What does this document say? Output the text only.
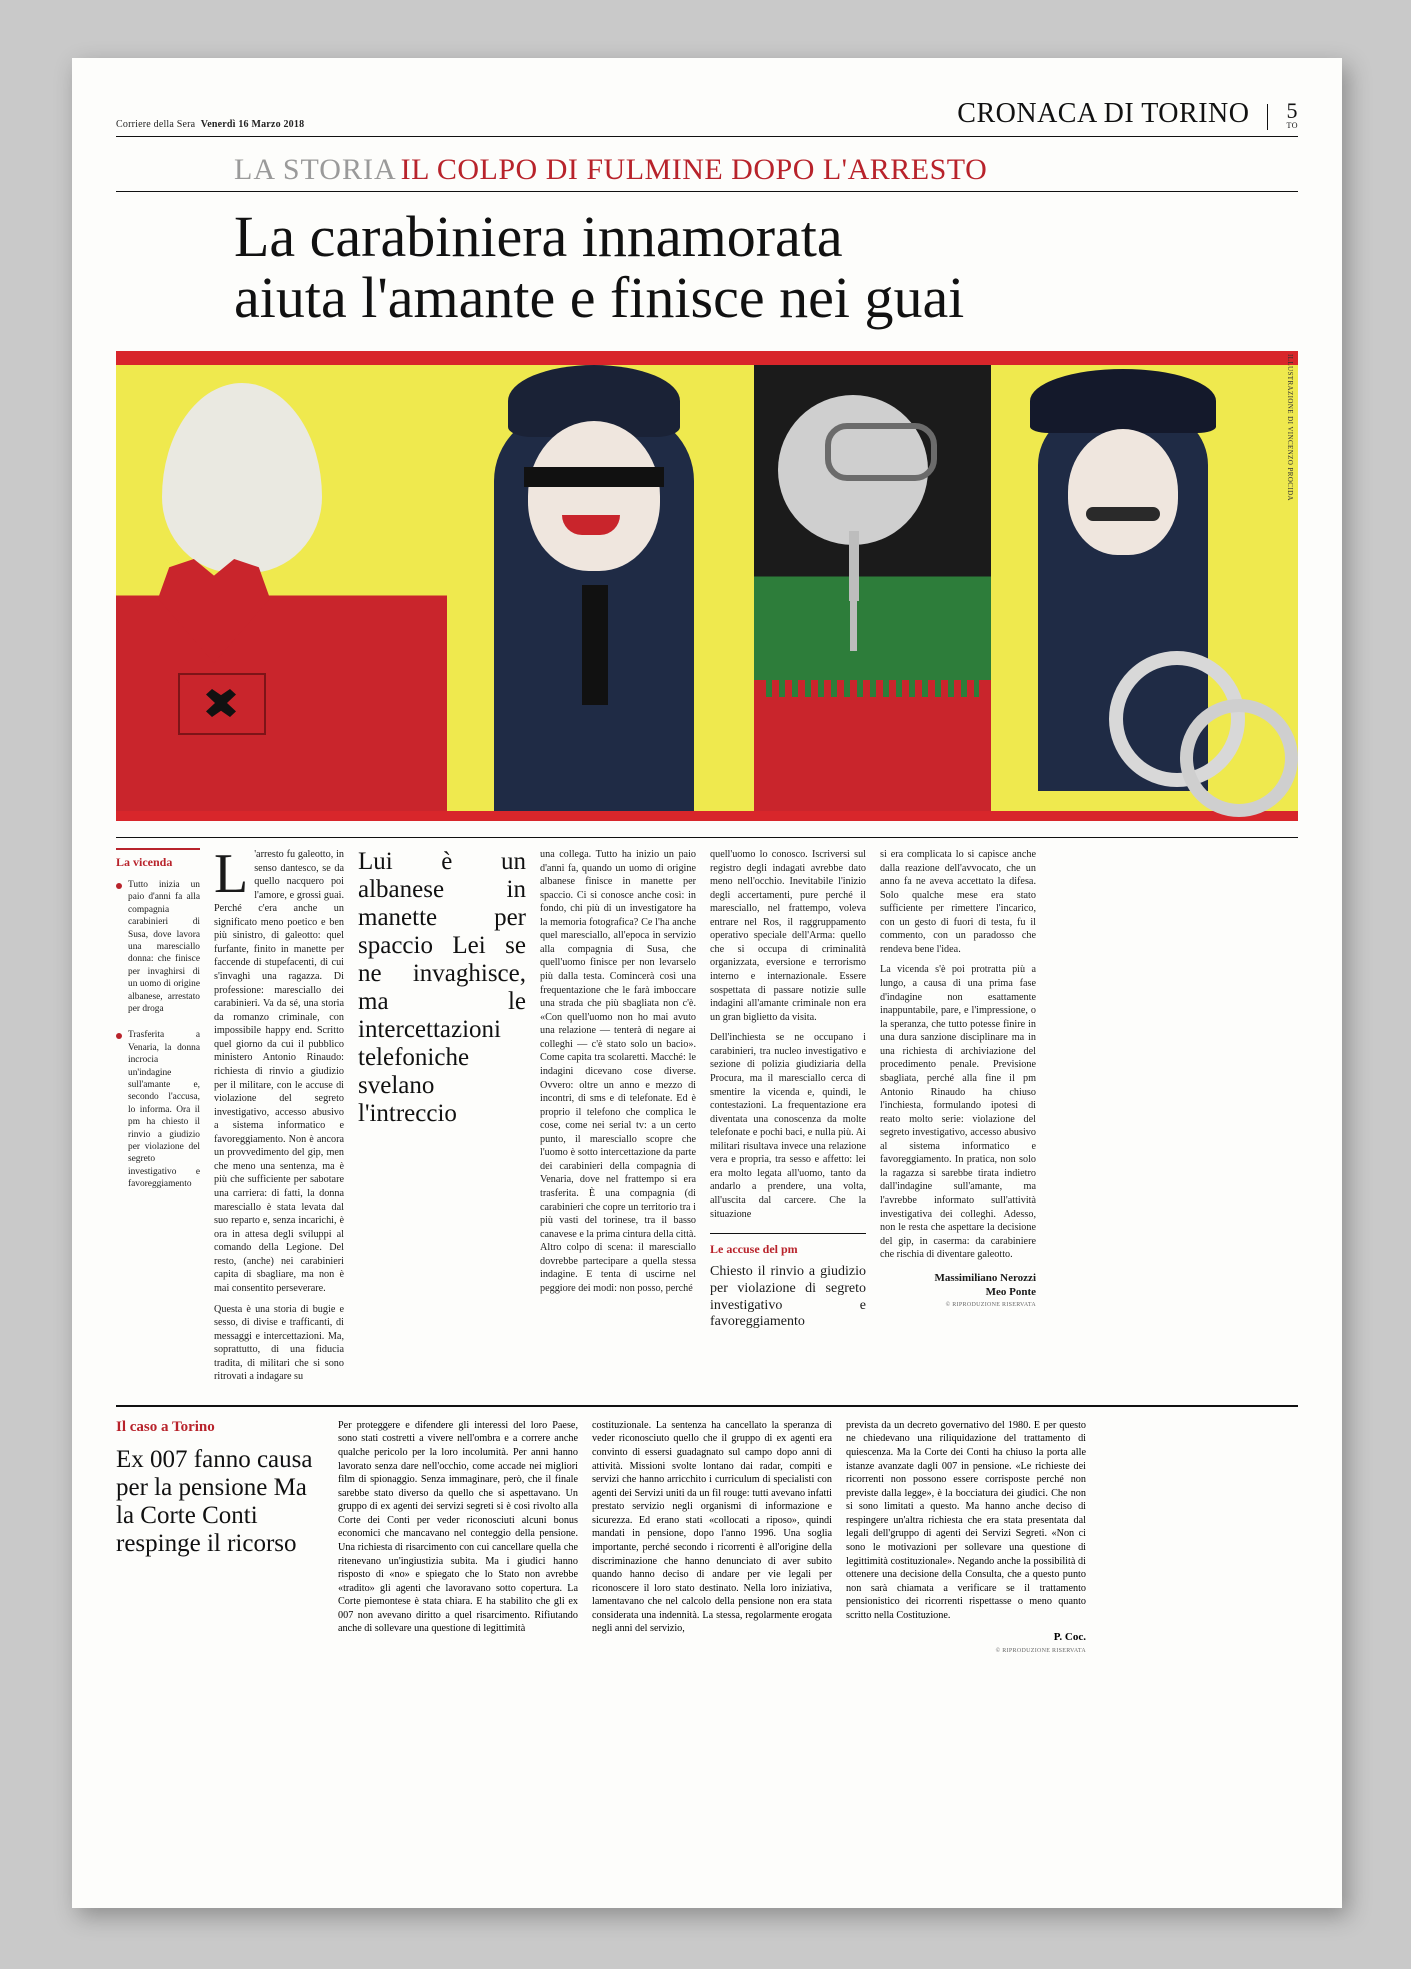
Corriere della Sera Venerdì 16 Marzo 2018	CRONACA DI TORINO 5
TO
LA STORIA IL COLPO DI FULMINE DOPO L'ARRESTO
La carabiniera innamorata
aiuta l'amante e finisce nei guai
ILLUSTRAZIONE DI VINCENZO PROCIDA
La vicenda
Tutto inizia un paio d'anni fa alla compagnia carabinieri di Susa, dove lavora una maresciallo donna: che finisce per invaghirsi di un uomo di origine albanese, arrestato per droga
Trasferita a Venaria, la donna incrocia un'indagine sull'amante e, secondo l'accusa, lo informa. Ora il pm ha chiesto il rinvio a giudizio per violazione del segreto investigativo e favoreggiamento

L 'arresto fu galeotto, in senso dantesco, se da quello nacquero poi l'amore, e grossi guai. Perché c'era anche un significato meno poetico e ben più sinistro, di galeotto: quel furfante, finito in manette per faccende di stupefacenti, di cui s'invaghì una ragazza. Di professione: maresciallo dei carabinieri. Va da sé, una storia da romanzo criminale, con impossibile happy end. Scritto quel giorno da cui il pubblico ministero Antonio Rinaudo: richiesta di rinvio a giudizio per il militare, con le accuse di violazione del segreto investigativo, accesso abusivo a sistema informatico e favoreggiamento. Non è ancora un provvedimento del gip, men che meno una sentenza, ma è più che sufficiente per sabotare una carriera: di fatti, la donna maresciallo è stata levata dal suo reparto e, senza incarichi, è ora in attesa degli sviluppi al comando della Legione. Del resto, (anche) nei carabinieri capita di sbagliare, ma non è mai consentito perseverare.

Questa è una storia di bugie e sesso, di divise e trafficanti, di messaggi e intercettazioni. Ma, soprattutto, di una fiducia tradita, di militari che si sono ritrovati a indagare su

Lui è un albanese in manette per spaccio Lei se ne invaghisce, ma le intercettazioni telefoniche svelano l'intreccio

una collega. Tutto ha inizio un paio d'anni fa, quando un uomo di origine albanese finisce in manette per spaccio. Ci si conosce anche così: in fondo, chi più di un investigatore ha la memoria fotografica? Ce l'ha anche quel maresciallo, all'epoca in servizio alla compagnia di Susa, che quell'uomo finisce per non levarselo più dalla testa. Comincerà così una frequentazione che le farà imboccare una strada che più sbagliata non c'è. «Con quell'uomo non ho mai avuto una relazione — tenterà di negare ai colleghi — c'è stato solo un bacio». Come capita tra scolaretti. Macché: le indagini dicevano cose diverse. Ovvero: oltre un anno e mezzo di incontri, di sms e di telefonate. Ed è proprio il telefono che complica le cose, come nei serial tv: a un certo punto, il maresciallo scopre che l'uomo è sotto intercettazione da parte dei carabinieri della compagnia di Venaria, dove nel frattempo si era trasferita. È una compagnia (di carabinieri che copre un territorio tra i più vasti del torinese, tra il basso canavese e la prima cintura della città. Altro colpo di scena: il maresciallo dovrebbe partecipare a quella stessa indagine. E tenta di uscirne nel peggiore dei modi: non posso, perché

quell'uomo lo conosco. Iscriversi sul registro degli indagati avrebbe dato meno nell'occhio. Inevitabile l'inizio degli accertamenti, pure perché il maresciallo, nel frattempo, voleva entrare nel Ros, il raggruppamento operativo speciale dell'Arma: quello che si occupa di criminalità organizzata, eversione e terrorismo interno e internazionale. Essere sospettata di passare notizie sulle indagini all'amante criminale non era un gran biglietto da visita.

Dell'inchiesta se ne occupano i carabinieri, tra nucleo investigativo e sezione di polizia giudiziaria della Procura, ma il maresciallo cerca di smentire la vicenda e, quindi, le contestazioni. La frequentazione era diventata una conoscenza da molte telefonate e pochi baci, e nulla più. Ai militari risultava invece una relazione vera e propria, tra sesso e affetto: lei era molto legata all'uomo, tanto da andarlo a prendere, una volta, all'uscita dal carcere. Che la situazione

Le accuse del pm
Chiesto il rinvio a giudizio per violazione di segreto investigativo e favoreggiamento

si era complicata lo si capisce anche dalla reazione dell'avvocato, che un anno fa ne aveva accettato la difesa. Solo qualche mese era stato sufficiente per rimettere l'incarico, con un gesto di fuori di testa, fu il commento, con un paradosso che rendeva bene l'idea.

La vicenda s'è poi protratta più a lungo, a causa di una prima fase d'indagine non esattamente inappuntabile, pare, e l'impressione, o la speranza, che tutto potesse finire in una dura sanzione disciplinare ma in una richiesta di archiviazione del procedimento penale. Previsione sbagliata, perché alla fine il pm Antonio Rinaudo ha chiuso l'inchiesta, formulando ipotesi di reato molto serie: violazione del segreto investigativo, accesso abusivo al sistema informatico e favoreggiamento. In pratica, non solo la ragazza si sarebbe tirata indietro dall'indagine sull'amante, ma l'avrebbe informato sull'attività investigativa dei colleghi. Adesso, non le resta che aspettare la decisione del gip, in caserma: da carabiniere che rischia di diventare galeotto.

Massimiliano Nerozzi
Meo Ponte
© RIPRODUZIONE RISERVATA
Il caso a Torino
Ex 007 fanno causa per la pensione Ma la Corte Conti respinge il ricorso

Per proteggere e difendere gli interessi del loro Paese, sono stati costretti a vivere nell'ombra e a correre anche qualche pericolo per la loro incolumità. Per anni hanno lavorato senza dare nell'occhio, come accade nei migliori film di spionaggio. Senza immaginare, però, che il finale sarebbe stato diverso da quello che si aspettavano. Un gruppo di ex agenti dei servizi segreti si è così rivolto alla Corte dei Conti per veder riconosciuti alcuni bonus economici che mancavano nel conteggio della pensione. Una richiesta di risarcimento con cui cancellare quella che ritenevano un'ingiustizia subita. Ma i giudici hanno risposto di «no» e spiegato che lo Stato non avrebbe «tradito» gli agenti che lavoravano sotto copertura. La Corte piemontese è stata chiara. E ha stabilito che gli ex 007 non avevano diritto a quel risarcimento. Rifiutando anche di sollevare una questione di legittimità

costituzionale. La sentenza ha cancellato la speranza di veder riconosciuto quello che il gruppo di ex agenti era convinto di essersi guadagnato sul campo dopo anni di attività. Missioni svolte lontano dai radar, compiti e servizi che hanno arricchito i curriculum di specialisti con agenti dei Servizi uniti da un fil rouge: tutti avevano infatti prestato servizio negli organismi di informazione e sicurezza. Ed erano stati «collocati a riposo», quindi mandati in pensione, dopo l'anno 1996. Una soglia importante, perché secondo i ricorrenti è all'origine della discriminazione che hanno denunciato di aver subito quando hanno deciso di andare per vie legali per riconoscere il loro stato destinato. Nella loro iniziativa, lamentavano che nel calcolo della pensione non era stata considerata una indennità. La stessa, regolarmente erogata negli anni del servizio,

prevista da un decreto governativo del 1980. E per questo ne chiedevano una riliquidazione del trattamento di quiescenza. Ma la Corte dei Conti ha chiuso la porta alle istanze avanzate dagli 007 in pensione. «Le richieste dei ricorrenti non possono essere corrisposte perché non previste dalla legge», è la bocciatura dei giudici. Che non si sono limitati a questo. Ma hanno anche deciso di respingere un'altra richiesta che era stata presentata dal legali dell'gruppo di agenti dei Servizi Segreti. «Non ci sono le motivazioni per sollevare una questione di legittimità costituzionale». Negando anche la possibilità di ottenere una decisione della Consulta, che a questo punto non sarà chiamata a verificare se il trattamento pensionistico dei ricorrenti rispettasse o meno quanto scritto nella Costituzione.

P. Coc.
© RIPRODUZIONE RISERVATA
